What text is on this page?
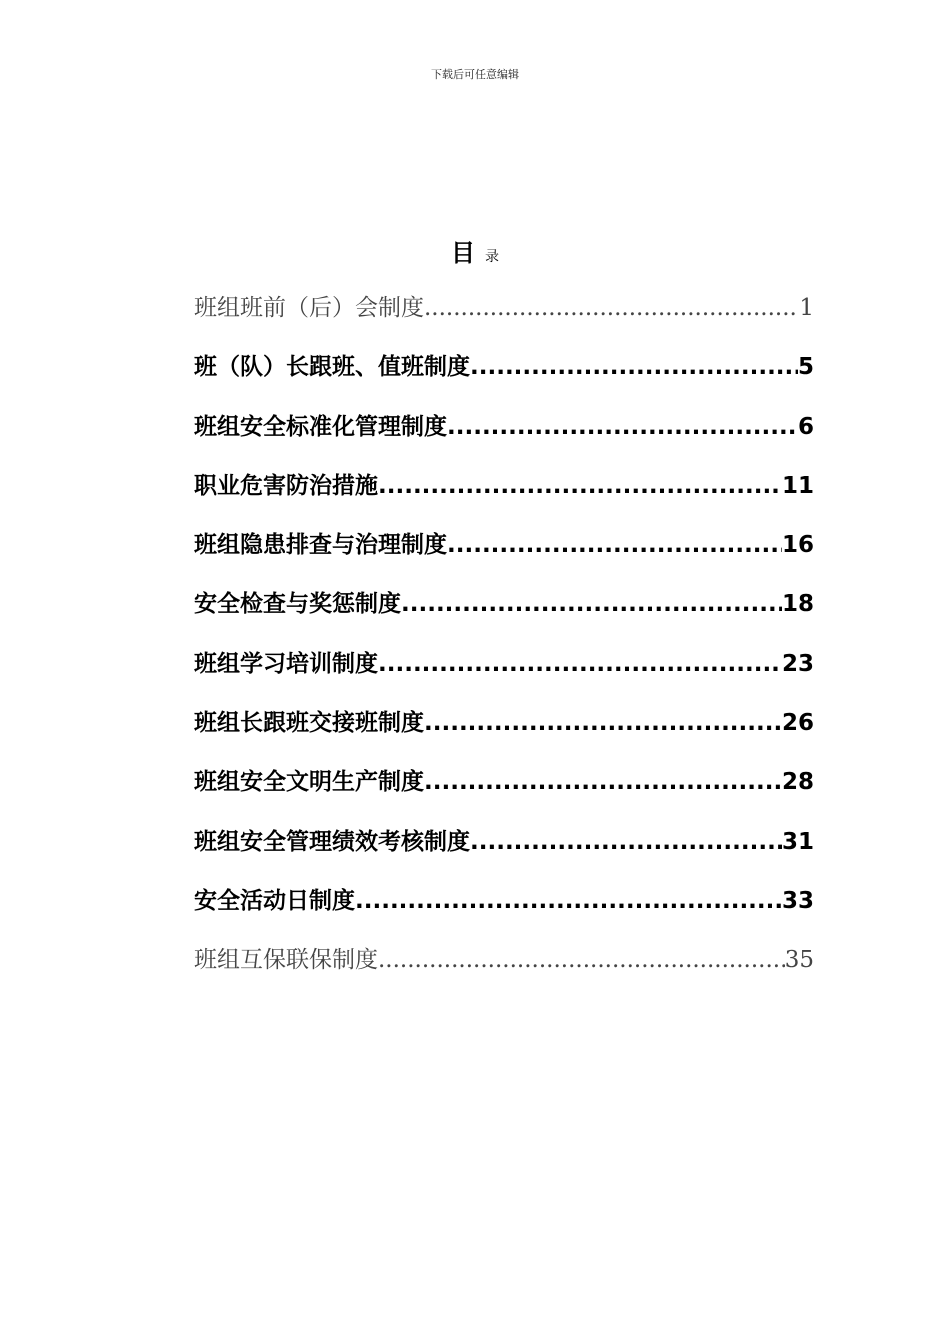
下载后可任意编辑
目录
班组班前（后）会制度 .....	1
班（队）长跟班、值班制度 .....	5
班组安全标准化管理制度 .....	6
职业危害防治措施 .....	11
班组隐患排查与治理制度 .....	16
安全检查与奖惩制度 .....	18
班组学习培训制度 .....	23
班组长跟班交接班制度 .....	26
班组安全文明生产制度 .....	28
班组安全管理绩效考核制度 .....	31
安全活动日制度 .....	33
班组互保联保制度 .....	35
